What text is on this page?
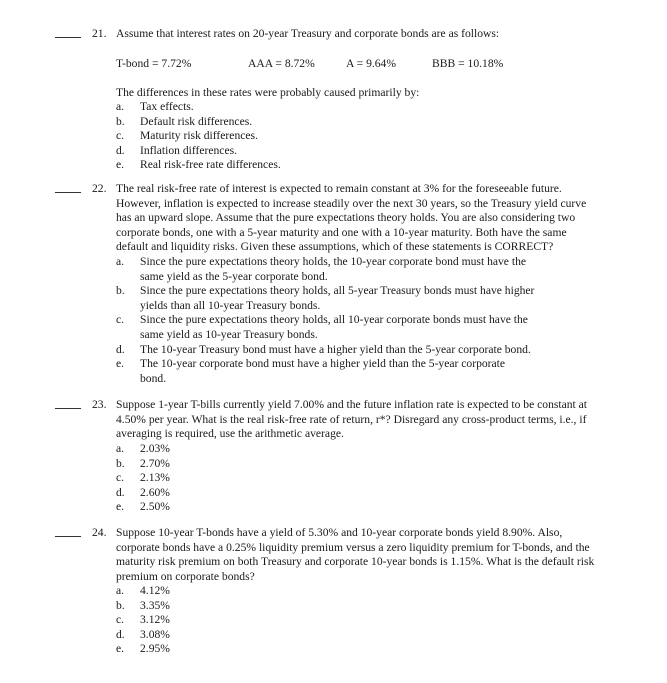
21. Assume that interest rates on 20-year Treasury and corporate bonds are as follows:
T-bond = 7.72%	AAA = 8.72%	A = 9.64%	BBB = 10.18%
The differences in these rates were probably caused primarily by:
a.	Tax effects.
b.	Default risk differences.
c.	Maturity risk differences.
d.	Inflation differences.
e.	Real risk-free rate differences.
22. The real risk-free rate of interest is expected to remain constant at 3% for the foreseeable future.
However, inflation is expected to increase steadily over the next 30 years, so the Treasury yield curve
has an upward slope. Assume that the pure expectations theory holds. You are also considering two
corporate bonds, one with a 5-year maturity and one with a 10-year maturity. Both have the same
default and liquidity risks. Given these assumptions, which of these statements is CORRECT?
a.	Since the pure expectations theory holds, the 10-year corporate bond must have the
same yield as the 5-year corporate bond.
b.	Since the pure expectations theory holds, all 5-year Treasury bonds must have higher
yields than all 10-year Treasury bonds.
c.	Since the pure expectations theory holds, all 10-year corporate bonds must have the
same yield as 10-year Treasury bonds.
d.	The 10-year Treasury bond must have a higher yield than the 5-year corporate bond.
e.	The 10-year corporate bond must have a higher yield than the 5-year corporate
bond.
23. Suppose 1-year T-bills currently yield 7.00% and the future inflation rate is expected to be constant at
4.50% per year. What is the real risk-free rate of return, r*? Disregard any cross-product terms, i.e., if
averaging is required, use the arithmetic average.
a.	2.03%
b.	2.70%
c.	2.13%
d.	2.60%
e.	2.50%
24. Suppose 10-year T-bonds have a yield of 5.30% and 10-year corporate bonds yield 8.90%. Also,
corporate bonds have a 0.25% liquidity premium versus a zero liquidity premium for T-bonds, and the
maturity risk premium on both Treasury and corporate 10-year bonds is 1.15%. What is the default risk
premium on corporate bonds?
a.	4.12%
b.	3.35%
c.	3.12%
d.	3.08%
e.	2.95%
